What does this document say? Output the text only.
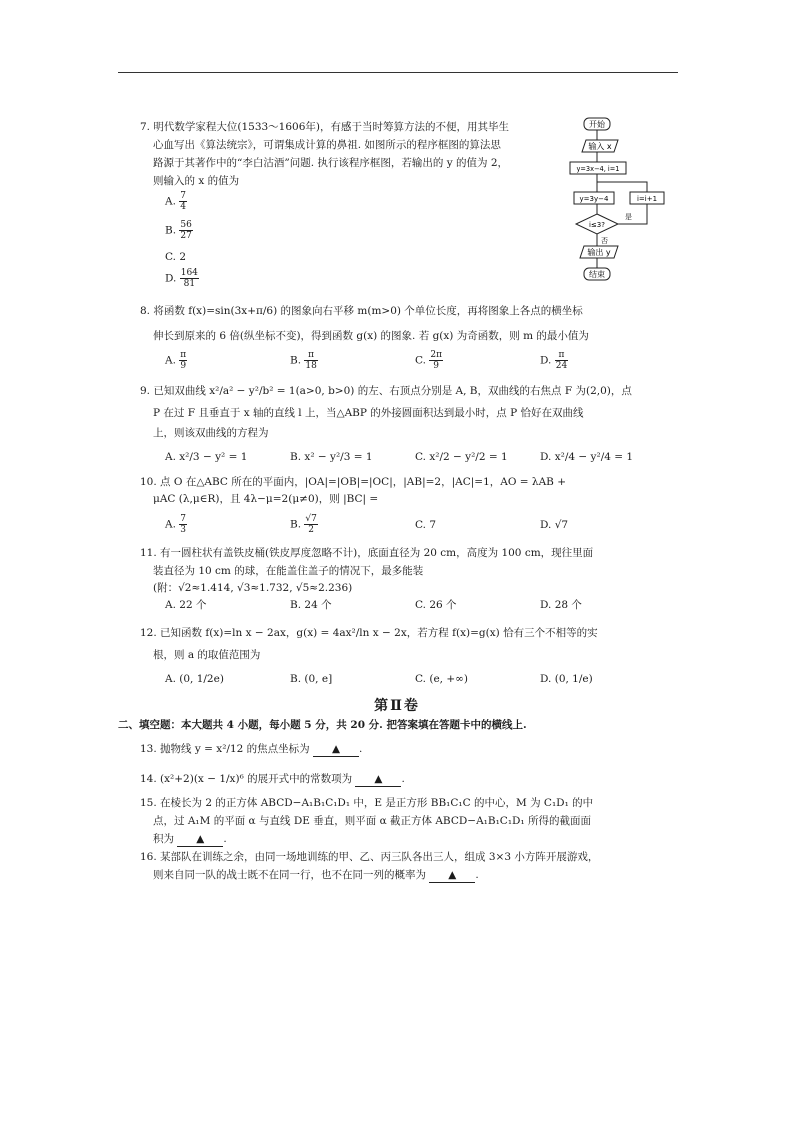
7. 明代数学家程大位(1533～1606年)，有感于当时筹算方法的不便，用其毕生
心血写出《算法统宗》，可谓集成计算的鼻祖. 如图所示的程序框图的算法思
路源于其著作中的“李白沽酒”问题. 执行该程序框图，若输出的 y 的值为 2，
则输入的 x 的值为
A. $\frac{7}{4}$
B. $\frac{56}{27}$
C. 2
D. $\frac{164}{81}$
开始
输入 x
y=3x−4, i=1
y=3y−4	i=i+1
i≤3?
是
否
输出 y
结束
8. 将函数 f(x)=sin(3x+π/6) 的图象向右平移 m(m>0) 个单位长度，再将图象上各点的横坐标
伸长到原来的 6 倍(纵坐标不变)，得到函数 g(x) 的图象. 若 g(x) 为奇函数，则 m 的最小值为
A. $\frac{\pi}{9}$	B. $\frac{\pi}{18}$	C. $\frac{2\pi}{9}$	D. $\frac{\pi}{24}$
9. 已知双曲线 x²/a² − y²/b² = 1(a>0, b>0) 的左、右顶点分别是 A, B，双曲线的右焦点 F 为(2,0)，点
P 在过 F 且垂直于 x 轴的直线 l 上，当△ABP 的外接圆面积达到最小时，点 P 恰好在双曲线
上，则该双曲线的方程为
A. x²/3 − y² = 1	B. x² − y²/3 = 1	C. x²/2 − y²/2 = 1	D. x²/4 − y²/4 = 1
10. 点 O 在△ABC 所在的平面内，|OA|=|OB|=|OC|，|AB|=2，|AC|=1，AO = λAB +
μAC (λ,μ∈R)，且 4λ−μ=2(μ≠0)，则 |BC| =
A. $\frac{7}{3}$	B. $\frac{√7}{2}$	C. 7	D. √7
11. 有一圆柱状有盖铁皮桶(铁皮厚度忽略不计)，底面直径为 20 cm，高度为 100 cm，现往里面
装直径为 10 cm 的球，在能盖住盖子的情况下，最多能装
(附：√2≈1.414, √3≈1.732, √5≈2.236)
A. 22 个	B. 24 个	C. 26 个	D. 28 个
12. 已知函数 f(x)=ln x − 2ax，g(x) = 4ax²/ln x − 2x，若方程 f(x)=g(x) 恰有三个不相等的实
根，则 a 的取值范围为
A. (0, 1/2e)	B. (0, e]	C. (e, +∞)	D. (0, 1/e)
第Ⅱ卷
二、填空题：本大题共 4 小题，每小题 5 分，共 20 分. 把答案填在答题卡中的横线上.
13. 抛物线 y = x²/12 的焦点坐标为 ▲ .
14. (x²+2)(x − 1/x)⁶ 的展开式中的常数项为 ▲ .
15. 在棱长为 2 的正方体 ABCD−A₁B₁C₁D₁ 中，E 是正方形 BB₁C₁C 的中心，M 为 C₁D₁ 的中
点，过 A₁M 的平面 α 与直线 DE 垂直，则平面 α 截正方体 ABCD−A₁B₁C₁D₁ 所得的截面面
积为 ▲ .
16. 某部队在训练之余，由同一场地训练的甲、乙、丙三队各出三人，组成 3×3 小方阵开展游戏，
则来自同一队的战士既不在同一行，也不在同一列的概率为 ▲ .
